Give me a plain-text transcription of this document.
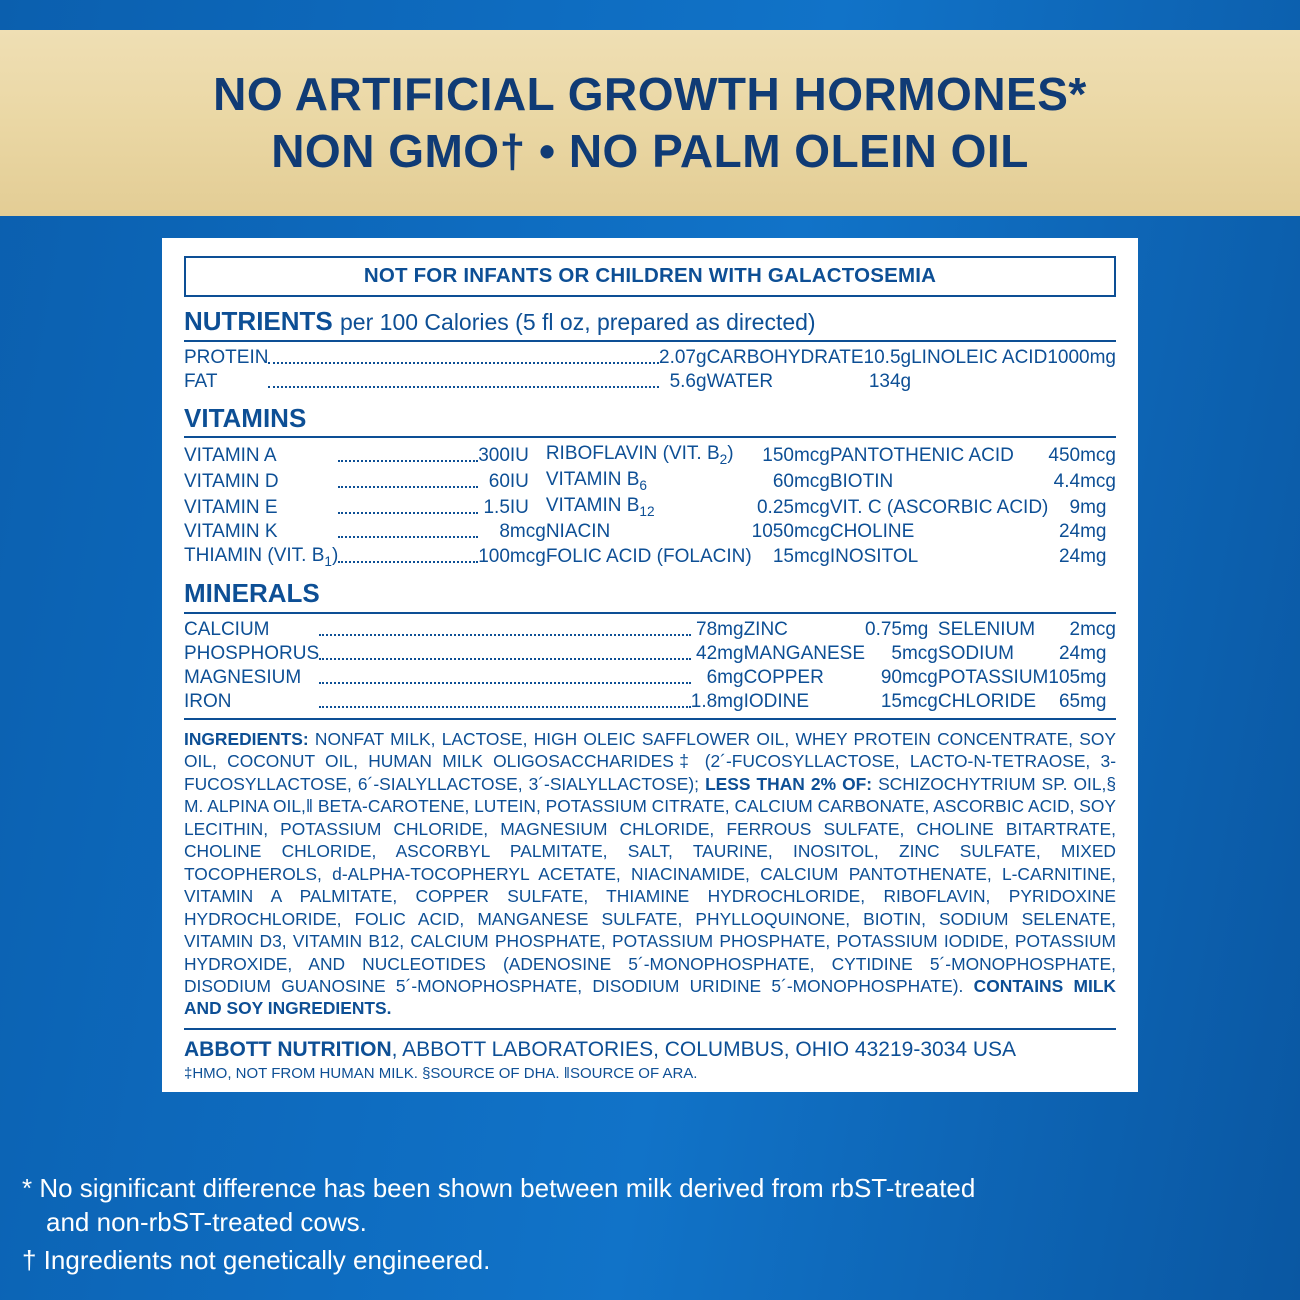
NO ARTIFICIAL GROWTH HORMONES*
NON GMO† • NO PALM OLEIN OIL
NOT FOR INFANTS OR CHILDREN WITH GALACTOSEMIA
NUTRIENTS per 100 Calories (5 fl oz, prepared as directed)
PROTEIN		2.07	g	CARBOHYDRATE		10.5	g	LINOLEIC ACID		1000	mg
FAT		5.6	g	WATER		134	g				
VITAMINS
VITAMIN A		300	IU	RIBOFLAVIN (VIT. $B_2$)		150	mcg	PANTOTHENIC ACID		450	mcg
VITAMIN D		60	IU	VITAMIN $B_6$		60	mcg	BIOTIN		4.4	mcg
VITAMIN E		1.5	IU	VITAMIN $B_{12}$		0.25	mcg	VIT. C (ASCORBIC ACID)		9	mg
VITAMIN K		8	mcg	NIACIN		1050	mcg	CHOLINE		24	mg
THIAMIN (VIT. $B_1$)		100	mcg	FOLIC ACID (FOLACIN)		15	mcg	INOSITOL		24	mg
MINERALS
CALCIUM		78	mg	ZINC		0.75	mg	SELENIUM		2	mcg
PHOSPHORUS		42	mg	MANGANESE		5	mcg	SODIUM		24	mg
MAGNESIUM		6	mg	COPPER		90	mcg	POTASSIUM		105	mg
IRON		1.8	mg	IODINE		15	mcg	CHLORIDE		65	mg
INGREDIENTS: NONFAT MILK, LACTOSE, HIGH OLEIC SAFFLOWER OIL, WHEY PROTEIN CONCENTRATE, SOY OIL, COCONUT OIL, HUMAN MILK OLIGOSACCHARIDES‡ (2´-FUCOSYLLACTOSE, LACTO-N-TETRAOSE, 3-FUCOSYLLACTOSE, 6´-SIALYLLACTOSE, 3´-SIALYLLACTOSE); LESS THAN 2% OF: SCHIZOCHYTRIUM SP. OIL,§ M. ALPINA OIL,‖ BETA-CAROTENE, LUTEIN, POTASSIUM CITRATE, CALCIUM CARBONATE, ASCORBIC ACID, SOY LECITHIN, POTASSIUM CHLORIDE, MAGNESIUM CHLORIDE, FERROUS SULFATE, CHOLINE BITARTRATE, CHOLINE CHLORIDE, ASCORBYL PALMITATE, SALT, TAURINE, INOSITOL, ZINC SULFATE, MIXED TOCOPHEROLS, d-ALPHA-TOCOPHERYL ACETATE, NIACINAMIDE, CALCIUM PANTOTHENATE, L-CARNITINE, VITAMIN A PALMITATE, COPPER SULFATE, THIAMINE HYDROCHLORIDE, RIBOFLAVIN, PYRIDOXINE HYDROCHLORIDE, FOLIC ACID, MANGANESE SULFATE, PHYLLOQUINONE, BIOTIN, SODIUM SELENATE, VITAMIN D3, VITAMIN B12, CALCIUM PHOSPHATE, POTASSIUM PHOSPHATE, POTASSIUM IODIDE, POTASSIUM HYDROXIDE, AND NUCLEOTIDES (ADENOSINE 5´-MONOPHOSPHATE, CYTIDINE 5´-MONOPHOSPHATE, DISODIUM GUANOSINE 5´-MONOPHOSPHATE, DISODIUM URIDINE 5´-MONOPHOSPHATE). CONTAINS MILK AND SOY INGREDIENTS.
ABBOTT NUTRITION, ABBOTT LABORATORIES, COLUMBUS, OHIO 43219-3034 USA
‡HMO, NOT FROM HUMAN MILK. §SOURCE OF DHA. ‖SOURCE OF ARA.
* No significant difference has been shown between milk derived from rbST-treated
and non-rbST-treated cows.
† Ingredients not genetically engineered.
